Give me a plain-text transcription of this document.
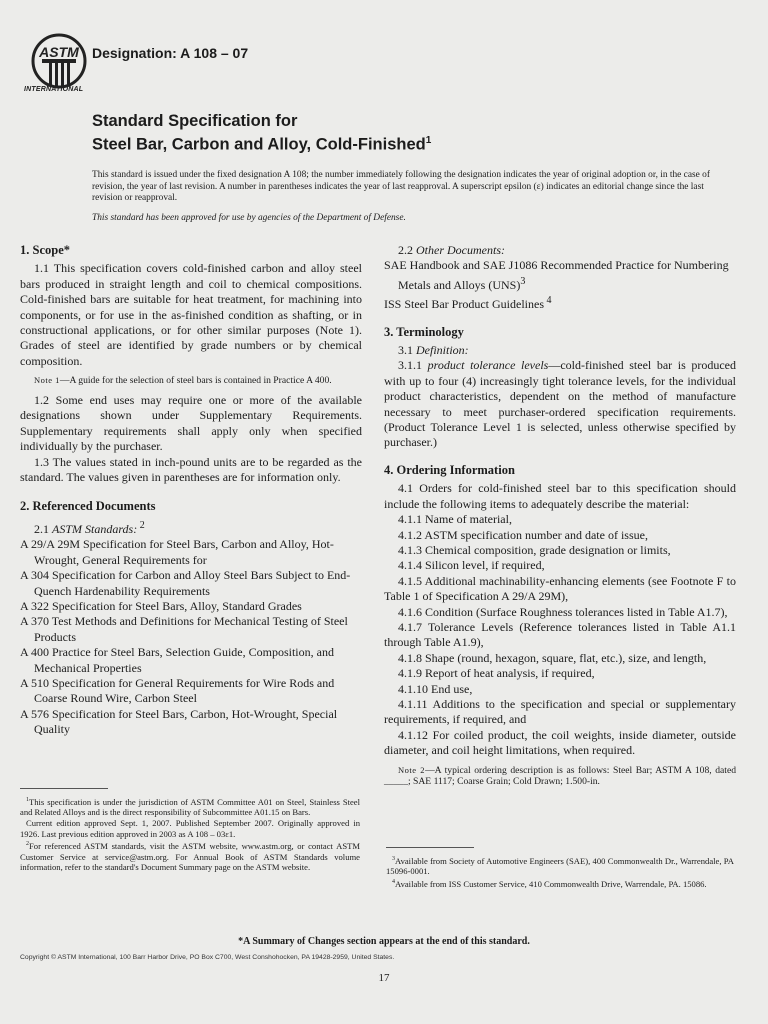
ASTM
INTERNATIONAL
Designation: A 108 – 07
Standard Specification for
Steel Bar, Carbon and Alloy, Cold-Finished$^1$
This standard is issued under the fixed designation A 108; the number immediately following the designation indicates the year of original adoption or, in the case of revision, the year of last revision. A number in parentheses indicates the year of last reapproval. A superscript epsilon (ε) indicates an editorial change since the last revision or reapproval.
This standard has been approved for use by agencies of the Department of Defense.
1. Scope*

1.1 This specification covers cold-finished carbon and alloy steel bars produced in straight length and coil to chemical compositions. Cold-finished bars are suitable for heat treatment, for machining into components, or for use in the as-finished condition as shafting, or in constructional applications, or for other similar purposes (Note 1). Grades of steel are identified by grade numbers or by chemical composition.

Note 1—A guide for the selection of steel bars is contained in Practice A 400.

1.2 Some end uses may require one or more of the available designations shown under Supplementary Requirements. Supplementary requirements shall apply only when specified individually by the purchaser.

1.3 The values stated in inch-pound units are to be regarded as the standard. The values given in parentheses are for information only.

2. Referenced Documents

2.1 ASTM Standards: $^2$

A 29/A 29M Specification for Steel Bars, Carbon and Alloy, Hot-Wrought, General Requirements for

A 304 Specification for Carbon and Alloy Steel Bars Subject to End-Quench Hardenability Requirements

A 322 Specification for Steel Bars, Alloy, Standard Grades

A 370 Test Methods and Definitions for Mechanical Testing of Steel Products

A 400 Practice for Steel Bars, Selection Guide, Composition, and Mechanical Properties

A 510 Specification for General Requirements for Wire Rods and Coarse Round Wire, Carbon Steel

A 576 Specification for Steel Bars, Carbon, Hot-Wrought, Special Quality

2.2 Other Documents:

SAE Handbook and SAE J1086 Recommended Practice for Numbering Metals and Alloys (UNS)$^3$

ISS Steel Bar Product Guidelines $^4$

3. Terminology

3.1 Definition:

3.1.1 product tolerance levels—cold-finished steel bar is produced with up to four (4) increasingly tight tolerance levels, for the individual product characteristics, dependent on the method of manufacture necessary to meet purchaser-ordered specification requirements. (Product Tolerance Level 1 is selected, unless otherwise specified by purchaser.)

4. Ordering Information

4.1 Orders for cold-finished steel bar to this specification should include the following items to adequately describe the material:

4.1.1 Name of material,

4.1.2 ASTM specification number and date of issue,

4.1.3 Chemical composition, grade designation or limits,

4.1.4 Silicon level, if required,

4.1.5 Additional machinability-enhancing elements (see Footnote F to Table 1 of Specification A 29/A 29M),

4.1.6 Condition (Surface Roughness tolerances listed in Table A1.7),

4.1.7 Tolerance Levels (Reference tolerances listed in Table A1.1 through Table A1.9),

4.1.8 Shape (round, hexagon, square, flat, etc.), size, and length,

4.1.9 Report of heat analysis, if required,

4.1.10 End use,

4.1.11 Additions to the specification and special or supplementary requirements, if required, and

4.1.12 For coiled product, the coil weights, inside diameter, outside diameter, and coil height limitations, when required.

Note 2—A typical ordering description is as follows: Steel Bar; ASTM A 108, dated _____; SAE 1117; Coarse Grain; Cold Drawn; 1.500-in.

$^1$This specification is under the jurisdiction of ASTM Committee A01 on Steel, Stainless Steel and Related Alloys and is the direct responsibility of Subcommittee A01.15 on Bars.

Current edition approved Sept. 1, 2007. Published September 2007. Originally approved in 1926. Last previous edition approved in 2003 as A 108 – 03ε1.

$^2$For referenced ASTM standards, visit the ASTM website, www.astm.org, or contact ASTM Customer Service at service@astm.org. For Annual Book of ASTM Standards volume information, refer to the standard's Document Summary page on the ASTM website.

$^3$Available from Society of Automotive Engineers (SAE), 400 Commonwealth Dr., Warrendale, PA 15096-0001.

$^4$Available from ISS Customer Service, 410 Commonwealth Drive, Warrendale, PA. 15086.

*A Summary of Changes section appears at the end of this standard.
Copyright © ASTM International, 100 Barr Harbor Drive, PO Box C700, West Conshohocken, PA 19428-2959, United States.
17
